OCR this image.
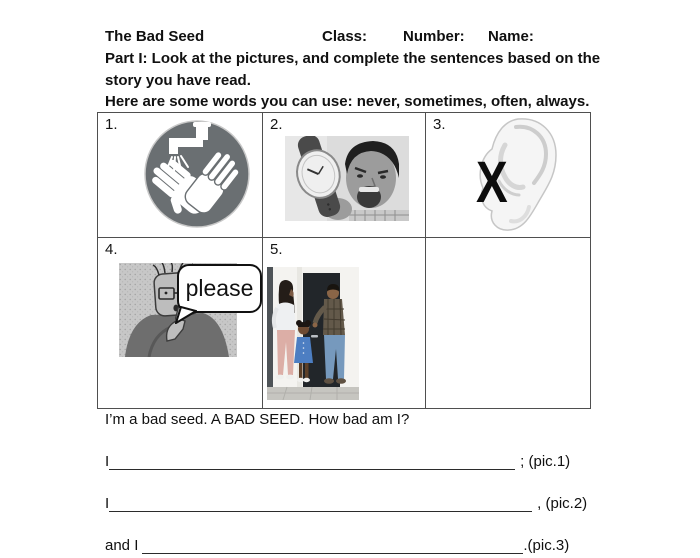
The Bad Seed	Class: Number: Name:
Part I: Look at the pictures, and complete the sentences based on the
story you have read.
Here are some words you can use: never, sometimes, often, always.
1.	2.	3.
X
4.
please
5.
I’m a bad seed. A BAD SEED. How bad am I?
I	; (pic.1)
I	, (pic.2)
and I	.(pic.3)
